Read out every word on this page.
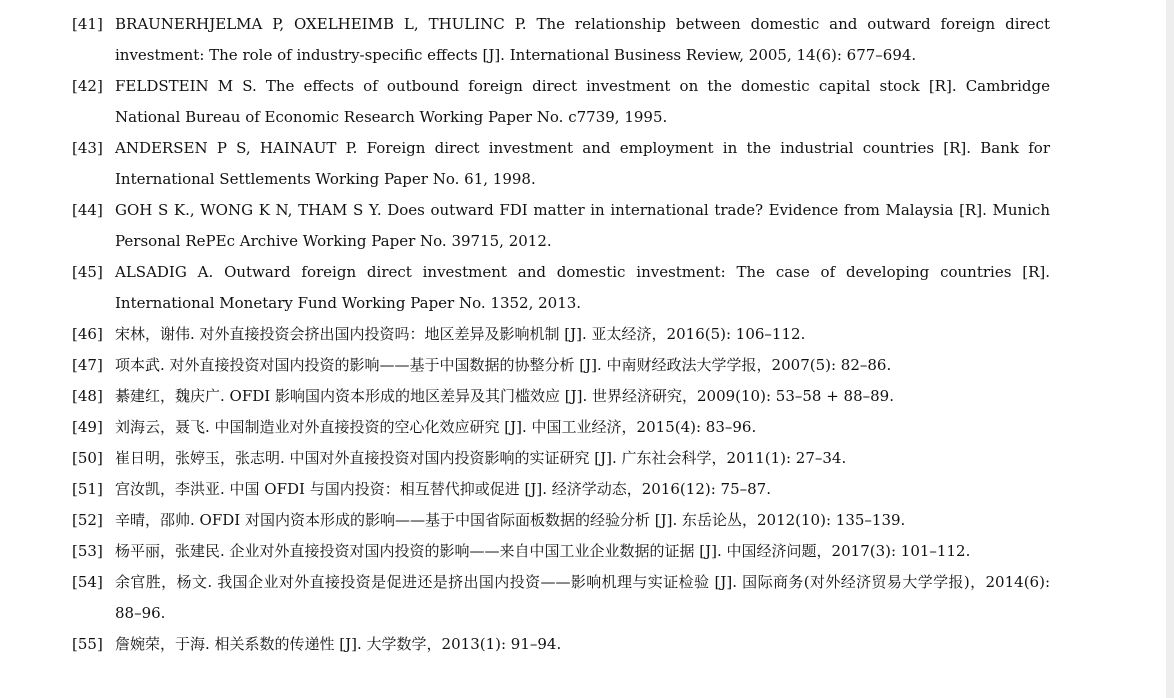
[41] BRAUNERHJELMA P, OXELHEIMB L, THULINC P. The relationship between domestic and outward foreign direct investment: The role of industry-specific effects [J]. International Business Review, 2005, 14(6): 677–694.
[42] FELDSTEIN M S. The effects of outbound foreign direct investment on the domestic capital stock [R]. Cambridge National Bureau of Economic Research Working Paper No. c7739, 1995.
[43] ANDERSEN P S, HAINAUT P. Foreign direct investment and employment in the industrial countries [R]. Bank for International Settlements Working Paper No. 61, 1998.
[44] GOH S K., WONG K N, THAM S Y. Does outward FDI matter in international trade? Evidence from Malaysia [R]. Munich Personal RePEc Archive Working Paper No. 39715, 2012.
[45] ALSADIG A. Outward foreign direct investment and domestic investment: The case of developing countries [R]. International Monetary Fund Working Paper No. 1352, 2013.
[46] 宋林，谢伟. 对外直接投资会挤出国内投资吗：地区差异及影响机制 [J]. 亚太经济，2016(5): 106–112.
[47] 项本武. 对外直接投资对国内投资的影响——基于中国数据的协整分析 [J]. 中南财经政法大学学报，2007(5): 82–86.
[48] 綦建红，魏庆广. OFDI 影响国内资本形成的地区差异及其门槛效应 [J]. 世界经济研究，2009(10): 53–58 + 88–89.
[49] 刘海云，聂飞. 中国制造业对外直接投资的空心化效应研究 [J]. 中国工业经济，2015(4): 83–96.
[50] 崔日明，张婷玉，张志明. 中国对外直接投资对国内投资影响的实证研究 [J]. 广东社会科学，2011(1): 27–34.
[51] 宫汝凯，李洪亚. 中国 OFDI 与国内投资：相互替代抑或促进 [J]. 经济学动态，2016(12): 75–87.
[52] 辛晴，邵帅. OFDI 对国内资本形成的影响——基于中国省际面板数据的经验分析 [J]. 东岳论丛，2012(10): 135–139.
[53] 杨平丽，张建民. 企业对外直接投资对国内投资的影响——来自中国工业企业数据的证据 [J]. 中国经济问题，2017(3): 101–112.
[54] 余官胜，杨文. 我国企业对外直接投资是促进还是挤出国内投资——影响机理与实证检验 [J]. 国际商务(对外经济贸易大学学报)，2014(6): 88–96.
[55] 詹婉荣，于海. 相关系数的传递性 [J]. 大学数学，2013(1): 91–94.
